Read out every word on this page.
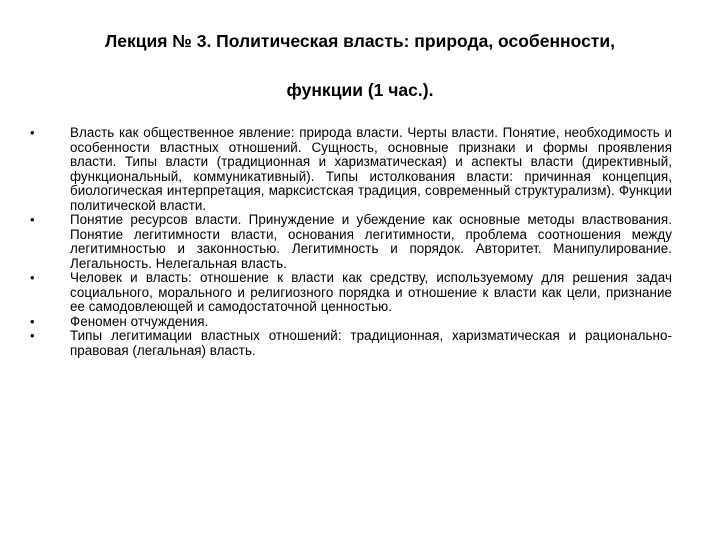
Лекция № 3. Политическая власть: природа, особенности,
функции (1 час.).
•	Власть как общественное явление: природа власти. Черты власти. Понятие, необходимость и особенности властных отношений. Сущность, основные признаки и формы проявления власти. Типы власти (традиционная и харизматическая) и аспекты власти (директивный, функциональный, коммуникативный). Типы истолкования власти: причинная концепция, биологическая интерпретация, марксистская традиция, современный структурализм). Функции политической власти.
•	Понятие ресурсов власти. Принуждение и убеждение как основные методы властвования. Понятие легитимности власти, основания легитимности, проблема соотношения между легитимностью и законностью. Легитимность и порядок. Авторитет. Манипулирование. Легальность. Нелегальная власть.
•	Человек и власть: отношение к власти как средству, используемому для решения задач социального, морального и религиозного порядка и отношение к власти как цели, признание ее самодовлеющей и самодостаточной ценностью.
•	Феномен отчуждения.
•	Типы легитимации властных отношений: традиционная, харизматическая и рационально-правовая (легальная) власть.
